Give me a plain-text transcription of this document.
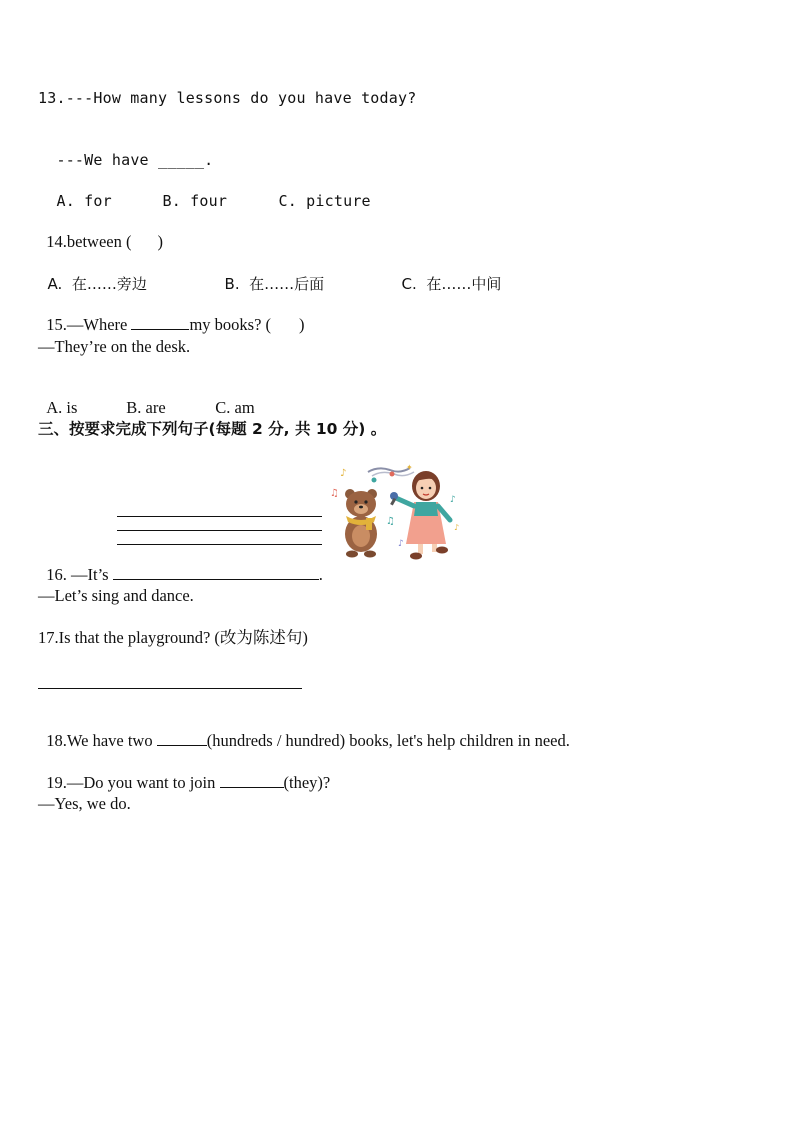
13.---How many lessons do you have today?

---We have _____.

A. for	B. four	C. picture

14.between ( )

A.  在……旁边	B.  在……后面	C.  在……中间

15.—Where	my books? ( )

—They’re on the desk.

A. is	B. are	C. am

三、按要求完成下列句子(每题 2 分, 共 10 分) 。

16. —It’s	.

♪
♫
♪
♫
♪
♪
✦
—Let’s sing and dance.
17.Is that the playground? (改为陈述句)

18.We have two	(hundreds / hundred) books, let's help children in need.

19.—Do you want to join	(they)?

—Yes, we do.
